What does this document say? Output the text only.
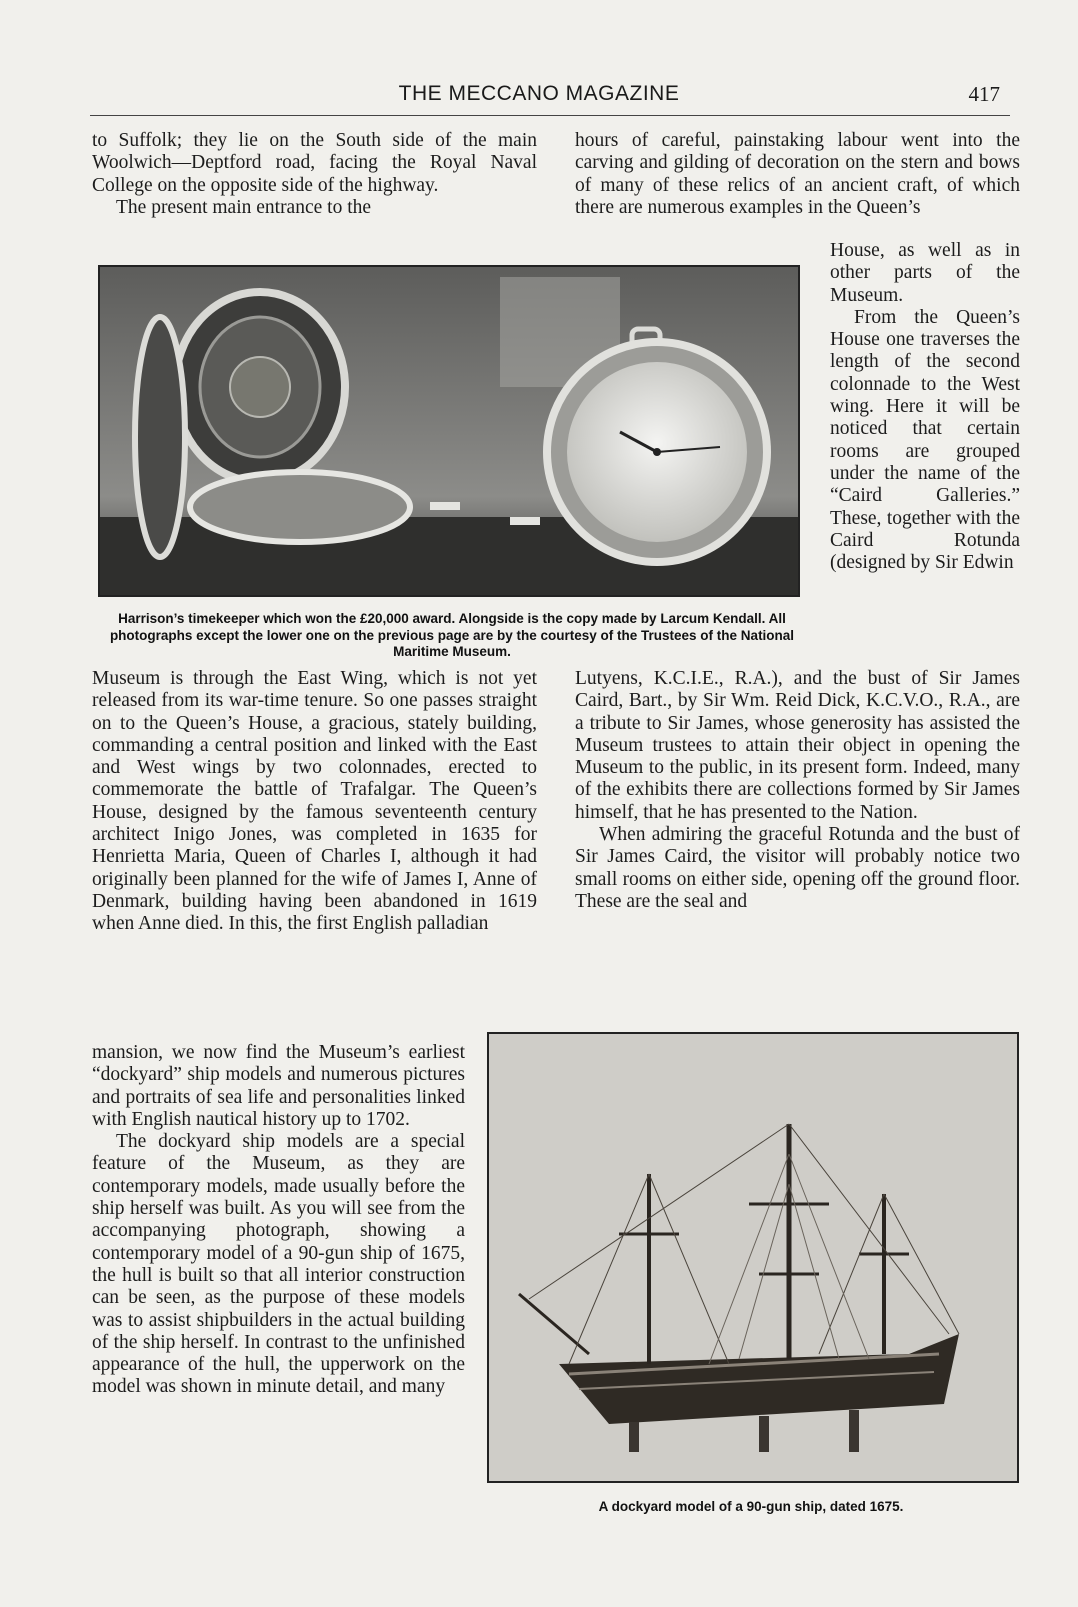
THE MECCANO MAGAZINE	417

to Suffolk; they lie on the South side of the main Woolwich—Deptford road, facing the Royal Naval College on the opposite side of the highway.

The present main entrance to the

hours of careful, painstaking labour went into the carving and gilding of decoration on the stern and bows of many of these relics of an ancient craft, of which there are numerous examples in the Queen’s

House, as well as in other parts of the Museum.

From the Queen’s House one traverses the length of the second colonnade to the West wing. Here it will be noticed that certain rooms are grouped under the name of the “Caird Galleries.” These, together with the Caird Rotunda (designed by Sir Edwin

Harrison’s timekeeper which won the £20,000 award. Alongside is the copy made by Larcum Kendall. All photographs except the lower one on the previous page are by the courtesy of the Trustees of the National Maritime Museum.

Museum is through the East Wing, which is not yet released from its war-time tenure. So one passes straight on to the Queen’s House, a gracious, stately building, commanding a central position and linked with the East and West wings by two colonnades, erected to commemorate the battle of Trafalgar. The Queen’s House, designed by the famous seventeenth century architect Inigo Jones, was completed in 1635 for Henrietta Maria, Queen of Charles I, although it had originally been planned for the wife of James I, Anne of Denmark, building having been abandoned in 1619 when Anne died. In this, the first English palladian

mansion, we now find the Museum’s earliest “dockyard” ship models and numerous pictures and portraits of sea life and personalities linked with English nautical history up to 1702.

The dockyard ship models are a special feature of the Museum, as they are contemporary models, made usually before the ship herself was built. As you will see from the accompanying photograph, showing a contemporary model of a 90-gun ship of 1675, the hull is built so that all interior construction can be seen, as the purpose of these models was to assist shipbuilders in the actual building of the ship herself. In contrast to the unfinished appearance of the hull, the upperwork on the model was shown in minute detail, and many

Lutyens, K.C.I.E., R.A.), and the bust of Sir James Caird, Bart., by Sir Wm. Reid Dick, K.C.V.O., R.A., are a tribute to Sir James, whose generosity has assisted the Museum trustees to attain their object in opening the Museum to the public, in its present form. Indeed, many of the exhibits there are collections formed by Sir James himself, that he has presented to the Nation.

When admiring the graceful Rotunda and the bust of Sir James Caird, the visitor will probably notice two small rooms on either side, opening off the ground floor. These are the seal and

A dockyard model of a 90-gun ship, dated 1675.
